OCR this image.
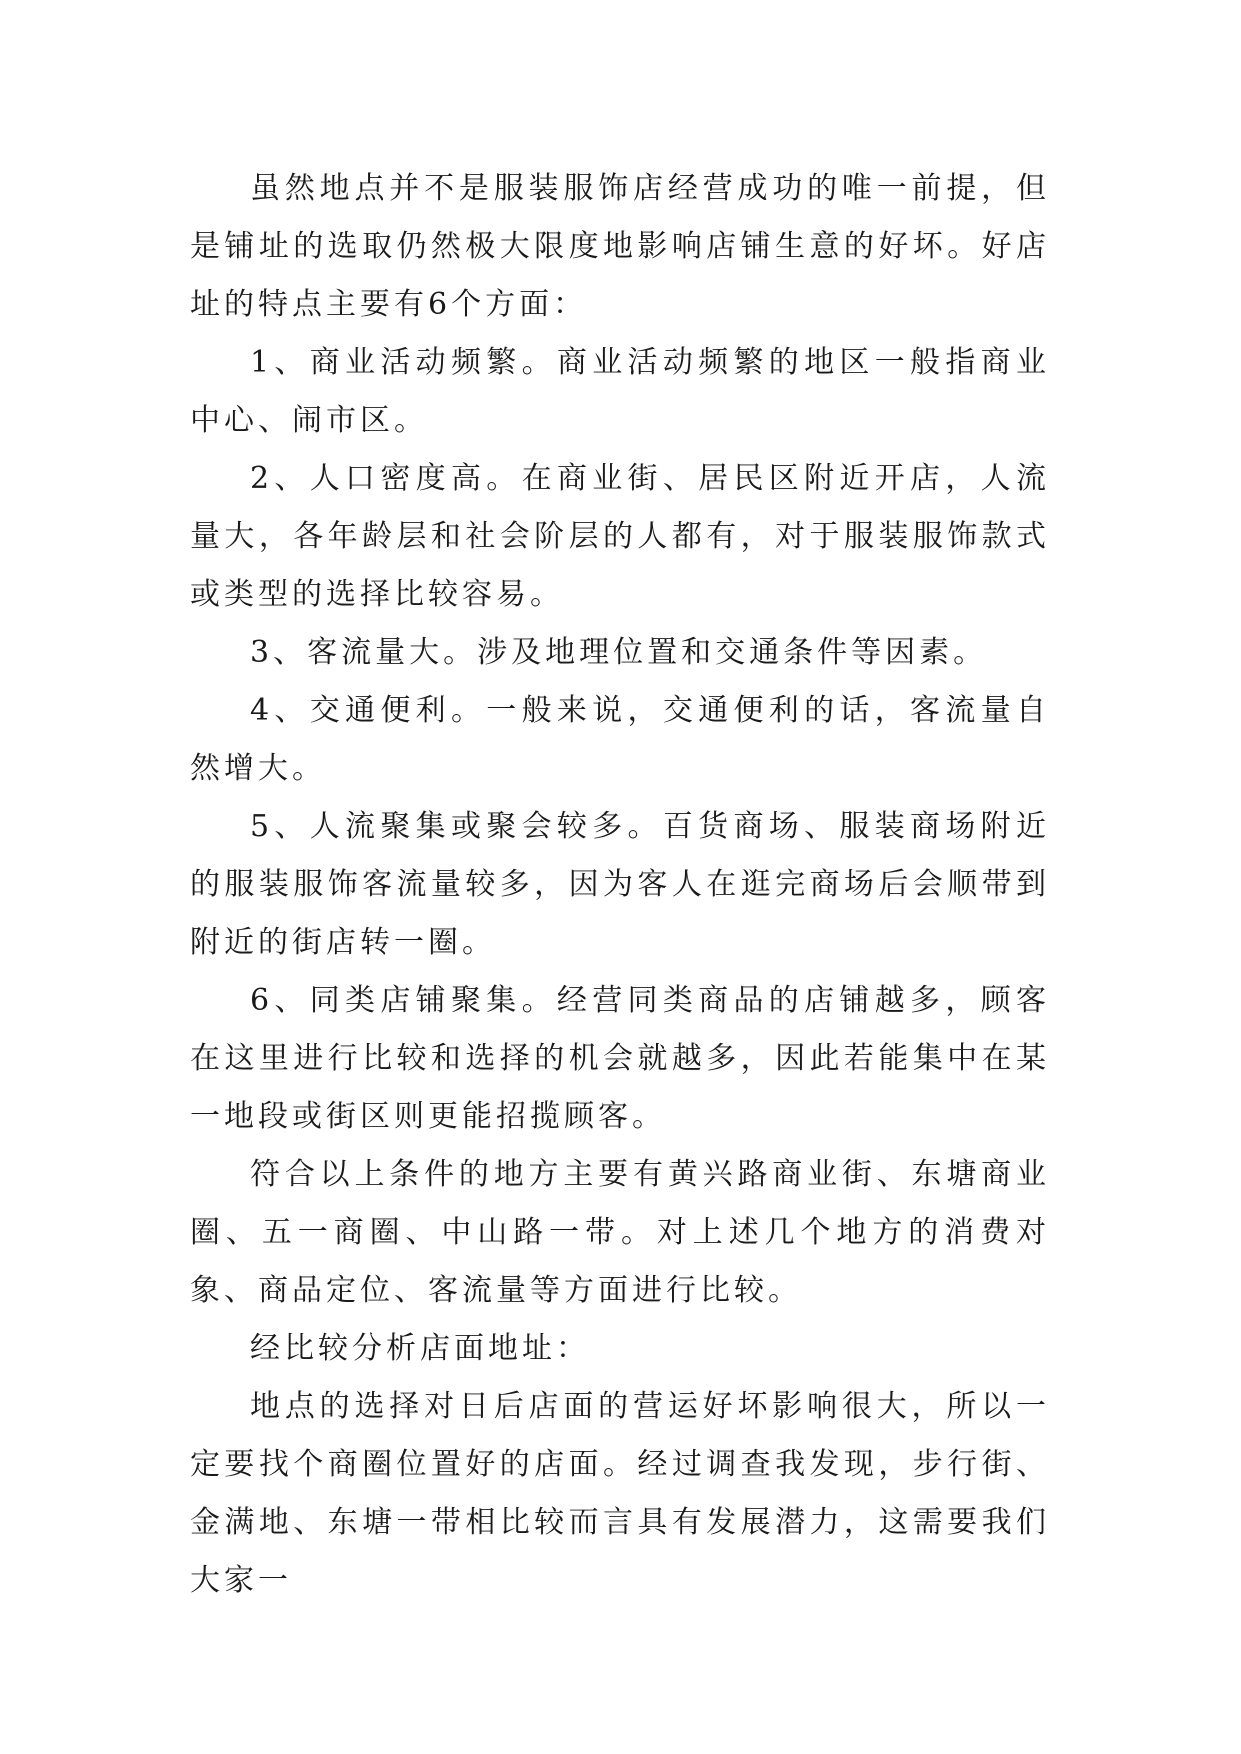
虽然地点并不是服装服饰店经营成功的唯一前提，但是铺址的选取仍然极大限度地影响店铺生意的好坏。好店址的特点主要有6个方面：

1、商业活动频繁。商业活动频繁的地区一般指商业中心、闹市区。

2、人口密度高。在商业街、居民区附近开店，人流量大，各年龄层和社会阶层的人都有，对于服装服饰款式或类型的选择比较容易。

3、客流量大。涉及地理位置和交通条件等因素。

4、交通便利。一般来说，交通便利的话，客流量自然增大。

5、人流聚集或聚会较多。百货商场、服装商场附近的服装服饰客流量较多，因为客人在逛完商场后会顺带到附近的街店转一圈。

6、同类店铺聚集。经营同类商品的店铺越多，顾客在这里进行比较和选择的机会就越多，因此若能集中在某一地段或街区则更能招揽顾客。

符合以上条件的地方主要有黄兴路商业街、东塘商业圈、五一商圈、中山路一带。对上述几个地方的消费对象、商品定位、客流量等方面进行比较。

经比较分析店面地址：

地点的选择对日后店面的营运好坏影响很大，所以一定要找个商圈位置好的店面。经过调查我发现，步行街、金满地、东塘一带相比较而言具有发展潜力，这需要我们大家一
